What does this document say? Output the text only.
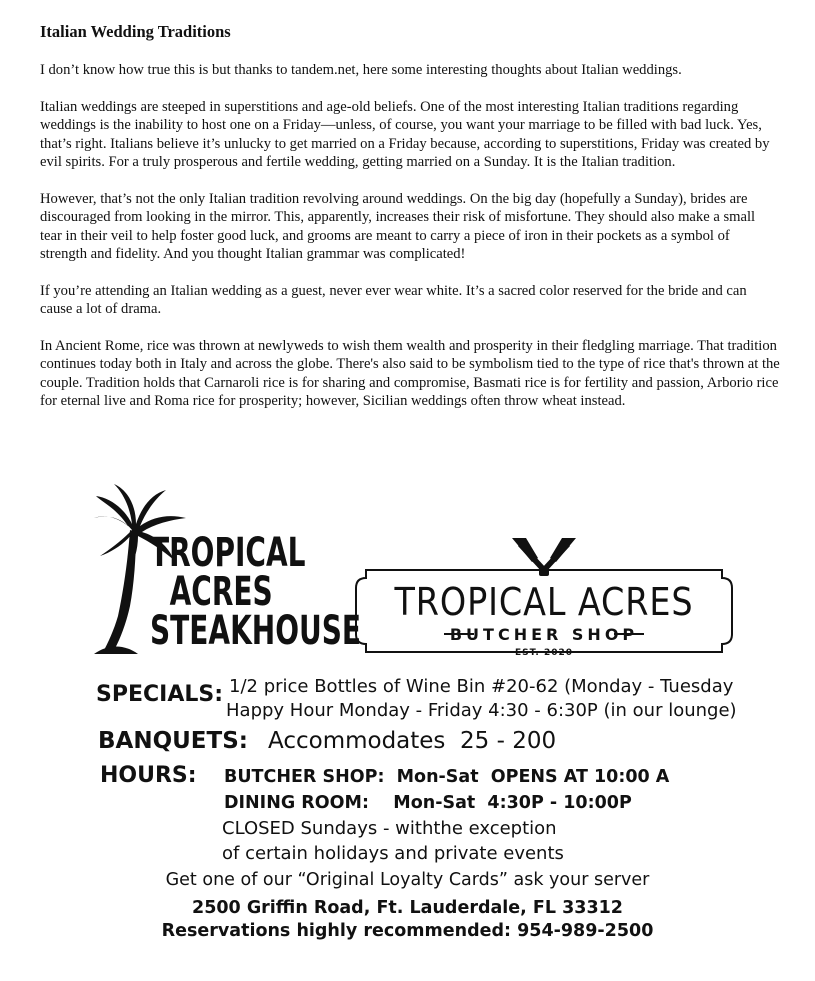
Italian Wedding Traditions

I don’t know how true this is but thanks to tandem.net, here some interesting thoughts about Italian weddings.

Italian weddings are steeped in superstitions and age-old beliefs. One of the most interesting Italian traditions regarding weddings is the inability to host one on a Friday—unless, of course, you want your marriage to be filled with bad luck. Yes, that’s right. Italians believe it’s unlucky to get married on a Friday because, according to superstitions, Friday was created by evil spirits. For a truly prosperous and fertile wedding, getting married on a Sunday. It is the Italian tradition.

However, that’s not the only Italian tradition revolving around weddings. On the big day (hopefully a Sunday), brides are discouraged from looking in the mirror. This, apparently, increases their risk of misfortune. They should also make a small tear in their veil to help foster good luck, and grooms are meant to carry a piece of iron in their pockets as a symbol of strength and fidelity. And you thought Italian grammar was complicated!

If you’re attending an Italian wedding as a guest, never ever wear white. It’s a sacred color reserved for the bride and can cause a lot of drama.

In Ancient Rome, rice was thrown at newlyweds to wish them wealth and prosperity in their fledgling marriage. That tradition continues today both in Italy and across the globe. There's also said to be symbolism tied to the type of rice that's thrown at the couple. Tradition holds that Carnaroli rice is for sharing and compromise, Basmati rice is for fertility and passion, Arborio rice for eternal live and Roma rice for prosperity; however, Sicilian weddings often throw wheat instead.

TROPICAL
ACRES
STEAKHOUSE
TROPICAL ACRES
BUTCHER SHOP
EST. 2020
SPECIALS: 1/2 price Bottles of Wine Bin #20-62 (Monday - Tuesday
Happy Hour Monday - Friday 4:30 - 6:30P (in our lounge)
BANQUETS: Accommodates  25 - 200
HOURS: BUTCHER SHOP:  Mon-Sat  OPENS AT 10:00 A
DINING ROOM:    Mon-Sat  4:30P - 10:00P
CLOSED Sundays - withthe exception
of certain holidays and private events
Get one of our “Original Loyalty Cards” ask your server
2500 Griffin Road, Ft. Lauderdale, FL 33312
Reservations highly recommended: 954-989-2500
